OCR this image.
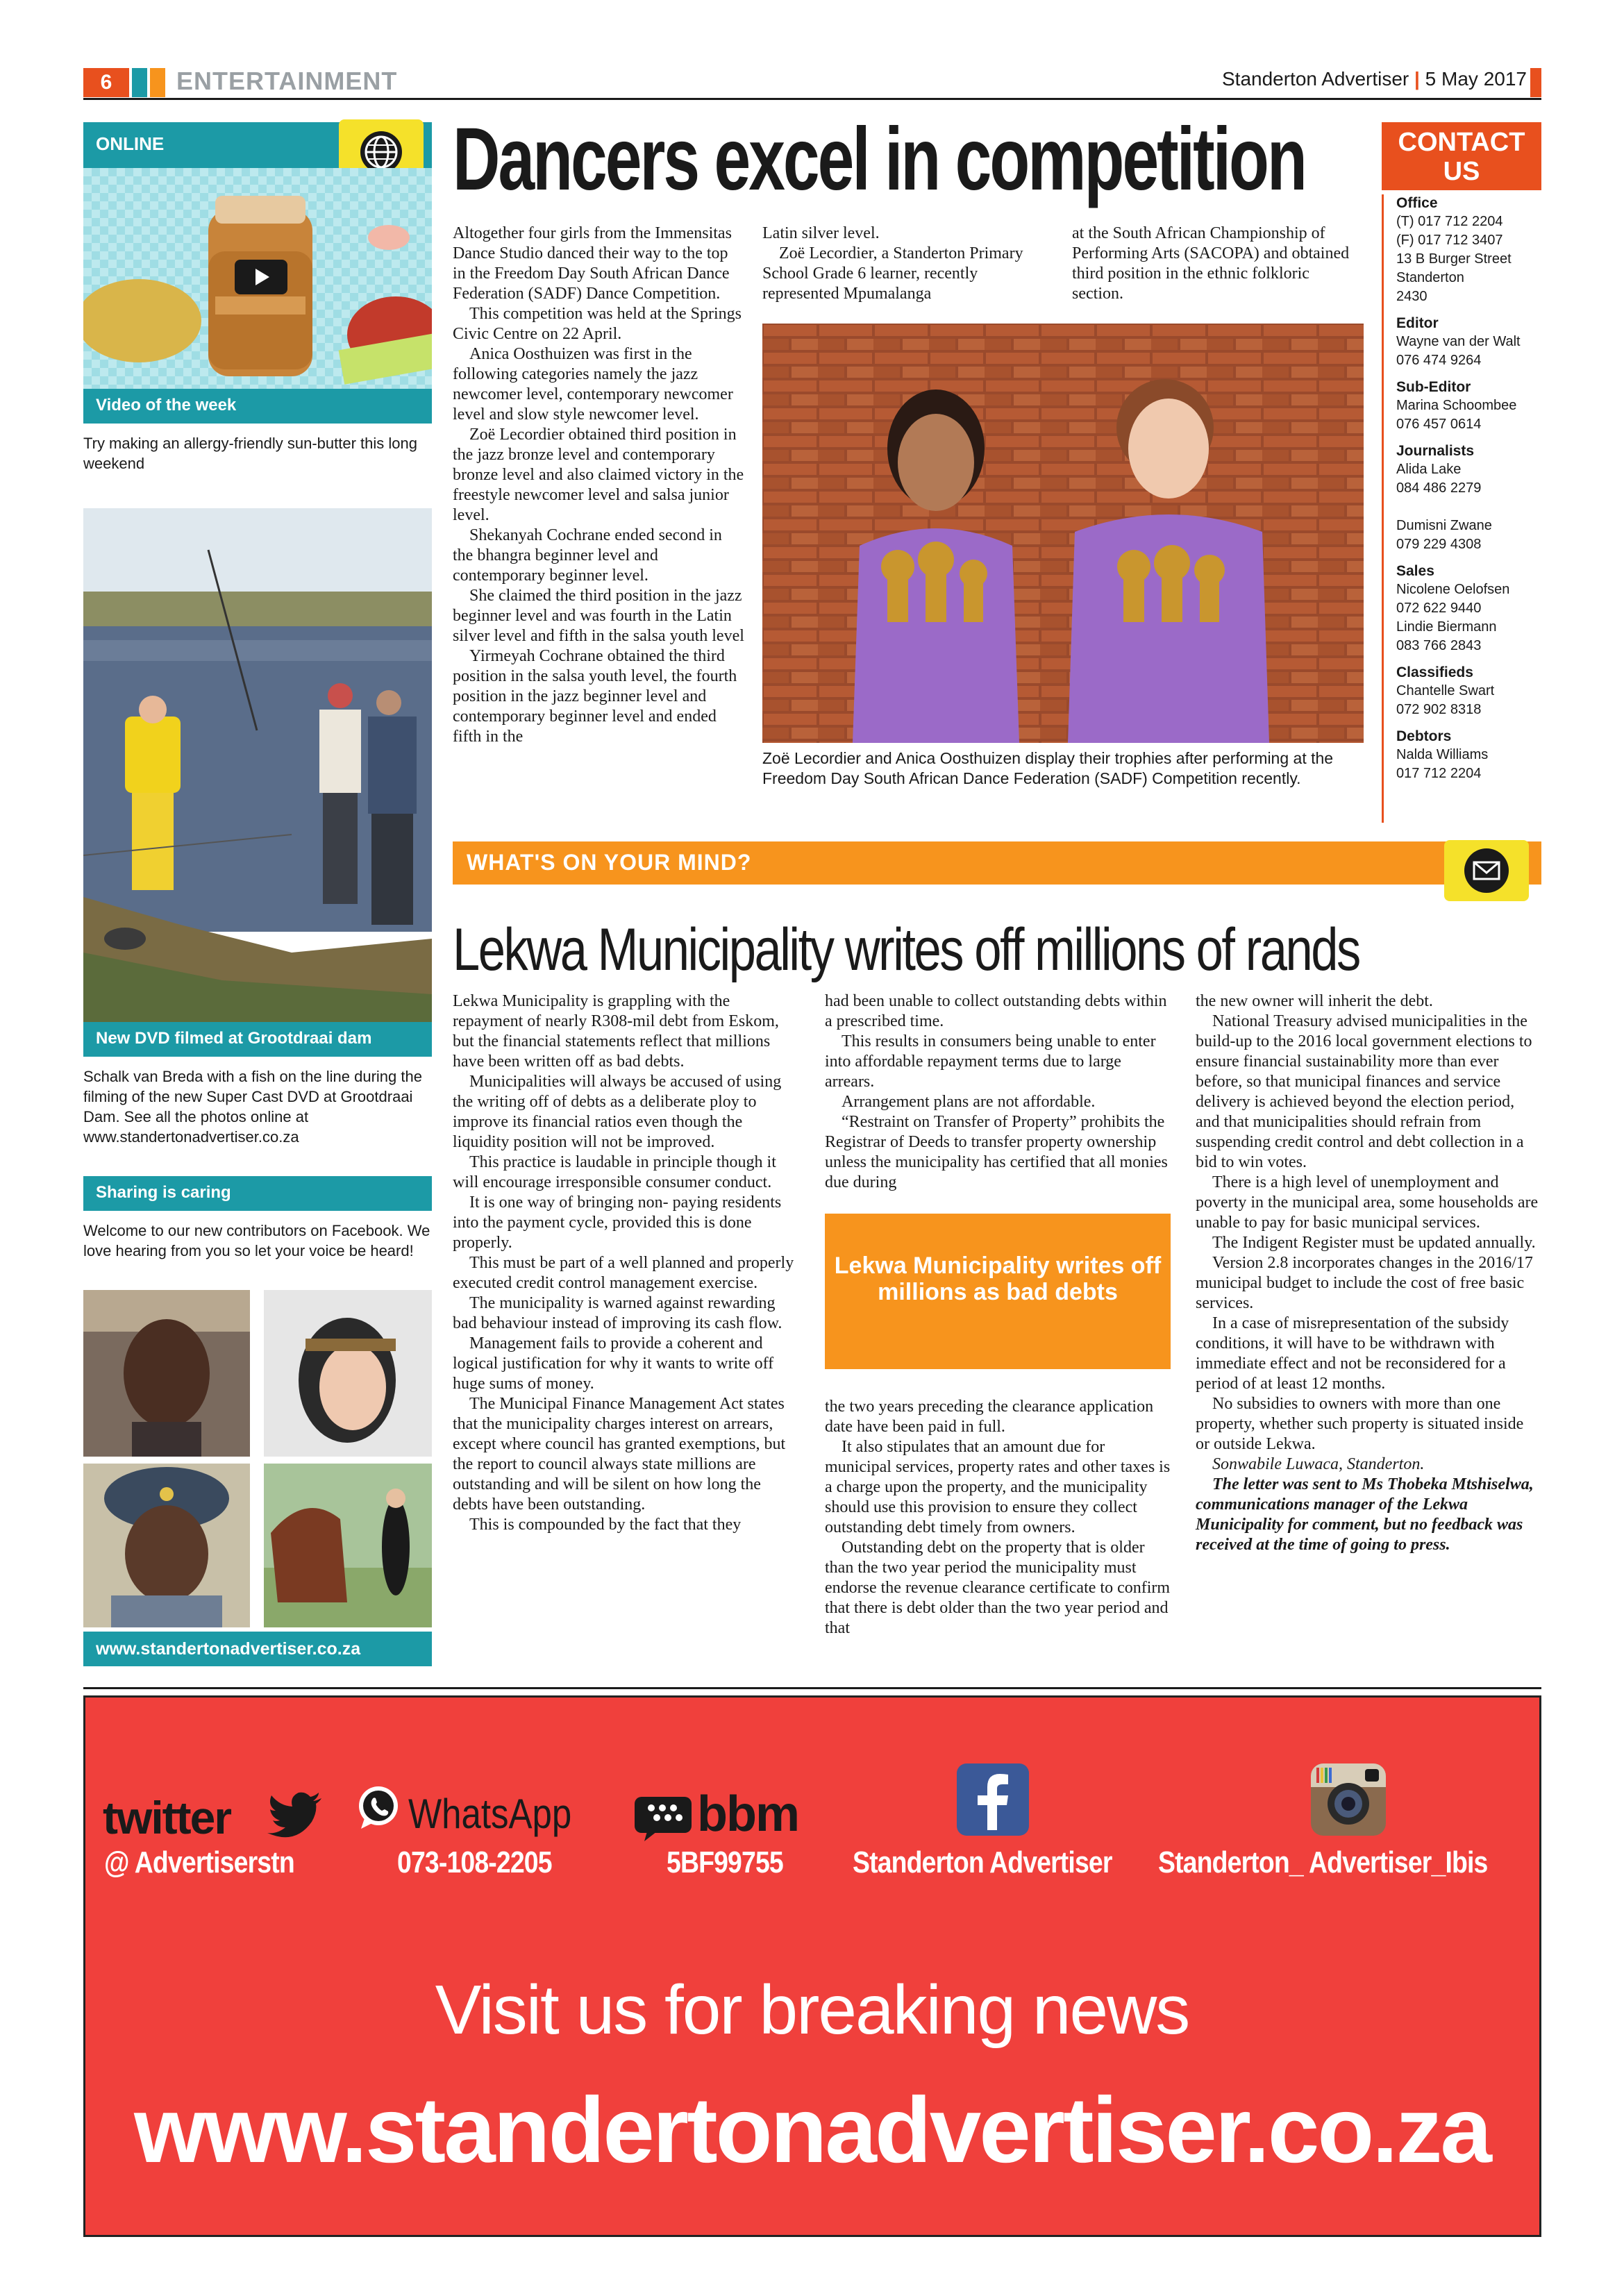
6	ENTERTAINMENT	Standerton Advertiser | 5 May 2017
ONLINE
Video of the week
Try making an allergy-friendly sun-butter this long weekend
New DVD filmed at Grootdraai dam
Schalk van Breda with a fish on the line during the filming of the new Super Cast DVD at Grootdraai Dam. See all the photos online at www.standertonadvertiser.co.za
Sharing is caring
Welcome to our new contributors on Facebook. We love hearing from you so let your voice be heard!
www.standertonadvertiser.co.za
Dancers excel in competition

Altogether four girls from the Immensitas Dance Studio danced their way to the top in the Freedom Day South African Dance Federation (SADF) Dance Competition.

This competition was held at the Springs Civic Centre on 22 April.

Anica Oosthuizen was first in the following categories namely the jazz newcomer level, contemporary newcomer level and slow style newcomer level.

Zoë Lecordier obtained third position in the jazz bronze level and contemporary bronze level and also claimed victory in the freestyle newcomer level and salsa junior level.

Shekanyah Cochrane ended second in the bhangra beginner level and contemporary beginner level.

She claimed the third position in the jazz beginner level and was fourth in the Latin silver level and fifth in the salsa youth level

Yirmeyah Cochrane obtained the third position in the salsa youth level, the fourth position in the jazz beginner level and contemporary beginner level and ended fifth in the

Latin silver level.

Zoë Lecordier, a Standerton Primary School Grade 6 learner, recently represented Mpumalanga

at the South African Championship of Performing Arts (SACOPA) and obtained third position in the ethnic folkloric section.

Zoë Lecordier and Anica Oosthuizen display their trophies after performing at the Freedom Day South African Dance Federation (SADF) Competition recently.
CONTACT US
Office
(T) 017 712 2204
(F) 017 712 3407
13 B Burger Street
Standerton
2430
Editor
Wayne van der Walt
076 474 9264
Sub-Editor
Marina Schoombee
076 457 0614
Journalists
Alida Lake
084 486 2279

Dumisni Zwane
079 229 4308
Sales
Nicolene Oelofsen
072 622 9440
Lindie Biermann
083 766 2843
Classifieds
Chantelle Swart
072 902 8318
Debtors
Nalda Williams
017 712 2204
WHAT'S ON YOUR MIND?
Lekwa Municipality writes off millions of rands

Lekwa Municipality is grappling with the repayment of nearly R308-mil debt from Eskom, but the financial statements reflect that millions have been written off as bad debts.

Municipalities will always be accused of using the writing off of debts as a deliberate ploy to improve its financial ratios even though the liquidity position will not be improved.

This practice is laudable in principle though it will encourage irresponsible consumer conduct.

It is one way of bringing non- paying residents into the payment cycle, provided this is done properly.

This must be part of a well planned and properly executed credit control management exercise.

The municipality is warned against rewarding bad behaviour instead of improving its cash flow.

Management fails to provide a coherent and logical justification for why it wants to write off huge sums of money.

The Municipal Finance Management Act states that the municipality charges interest on arrears, except where council has granted exemptions, but the report to council always state millions are outstanding and will be silent on how long the debts have been outstanding.

This is compounded by the fact that they

had been unable to collect outstanding debts within a prescribed time.

This results in consumers being unable to enter into affordable repayment terms due to large arrears.

Arrangement plans are not affordable.

“Restraint on Transfer of Property” prohibits the Registrar of Deeds to transfer property ownership unless the municipality has certified that all monies due during

Lekwa Municipality writes off millions as bad debts

the two years preceding the clearance application date have been paid in full.

It also stipulates that an amount due for municipal services, property rates and other taxes is a charge upon the property, and the municipality should use this provision to ensure they collect outstanding debt timely from owners.

Outstanding debt on the property that is older than the two year period the municipality must endorse the revenue clearance certificate to confirm that there is debt older than the two year period and that

the new owner will inherit the debt.

National Treasury advised municipalities in the build-up to the 2016 local government elections to ensure financial sustainability more than ever before, so that municipal finances and service delivery is achieved beyond the election period, and that municipalities should refrain from suspending credit control and debt collection in a bid to win votes.

There is a high level of unemployment and poverty in the municipal area, some households are unable to pay for basic municipal services.

The Indigent Register must be updated annually.

Version 2.8 incorporates changes in the 2016/17 municipal budget to include the cost of free basic services.

In a case of misrepresentation of the subsidy conditions, it will have to be withdrawn with immediate effect and not be reconsidered for a period of at least 12 months.

No subsidies to owners with more than one property, whether such property is situated inside or outside Lekwa.

Sonwabile Luwaca, Standerton.

The letter was sent to Ms Thobeka Mtshiselwa, communications manager of the Lekwa Municipality for comment, but no feedback was received at the time of going to press.

twitter
@ Advertiserstn
WhatsApp
073-108-2205
bbm
5BF99755 Standerton Advertiser Standerton_ Advertiser_Ibis
Visit us for breaking news
www.standertonadvertiser.co.za
